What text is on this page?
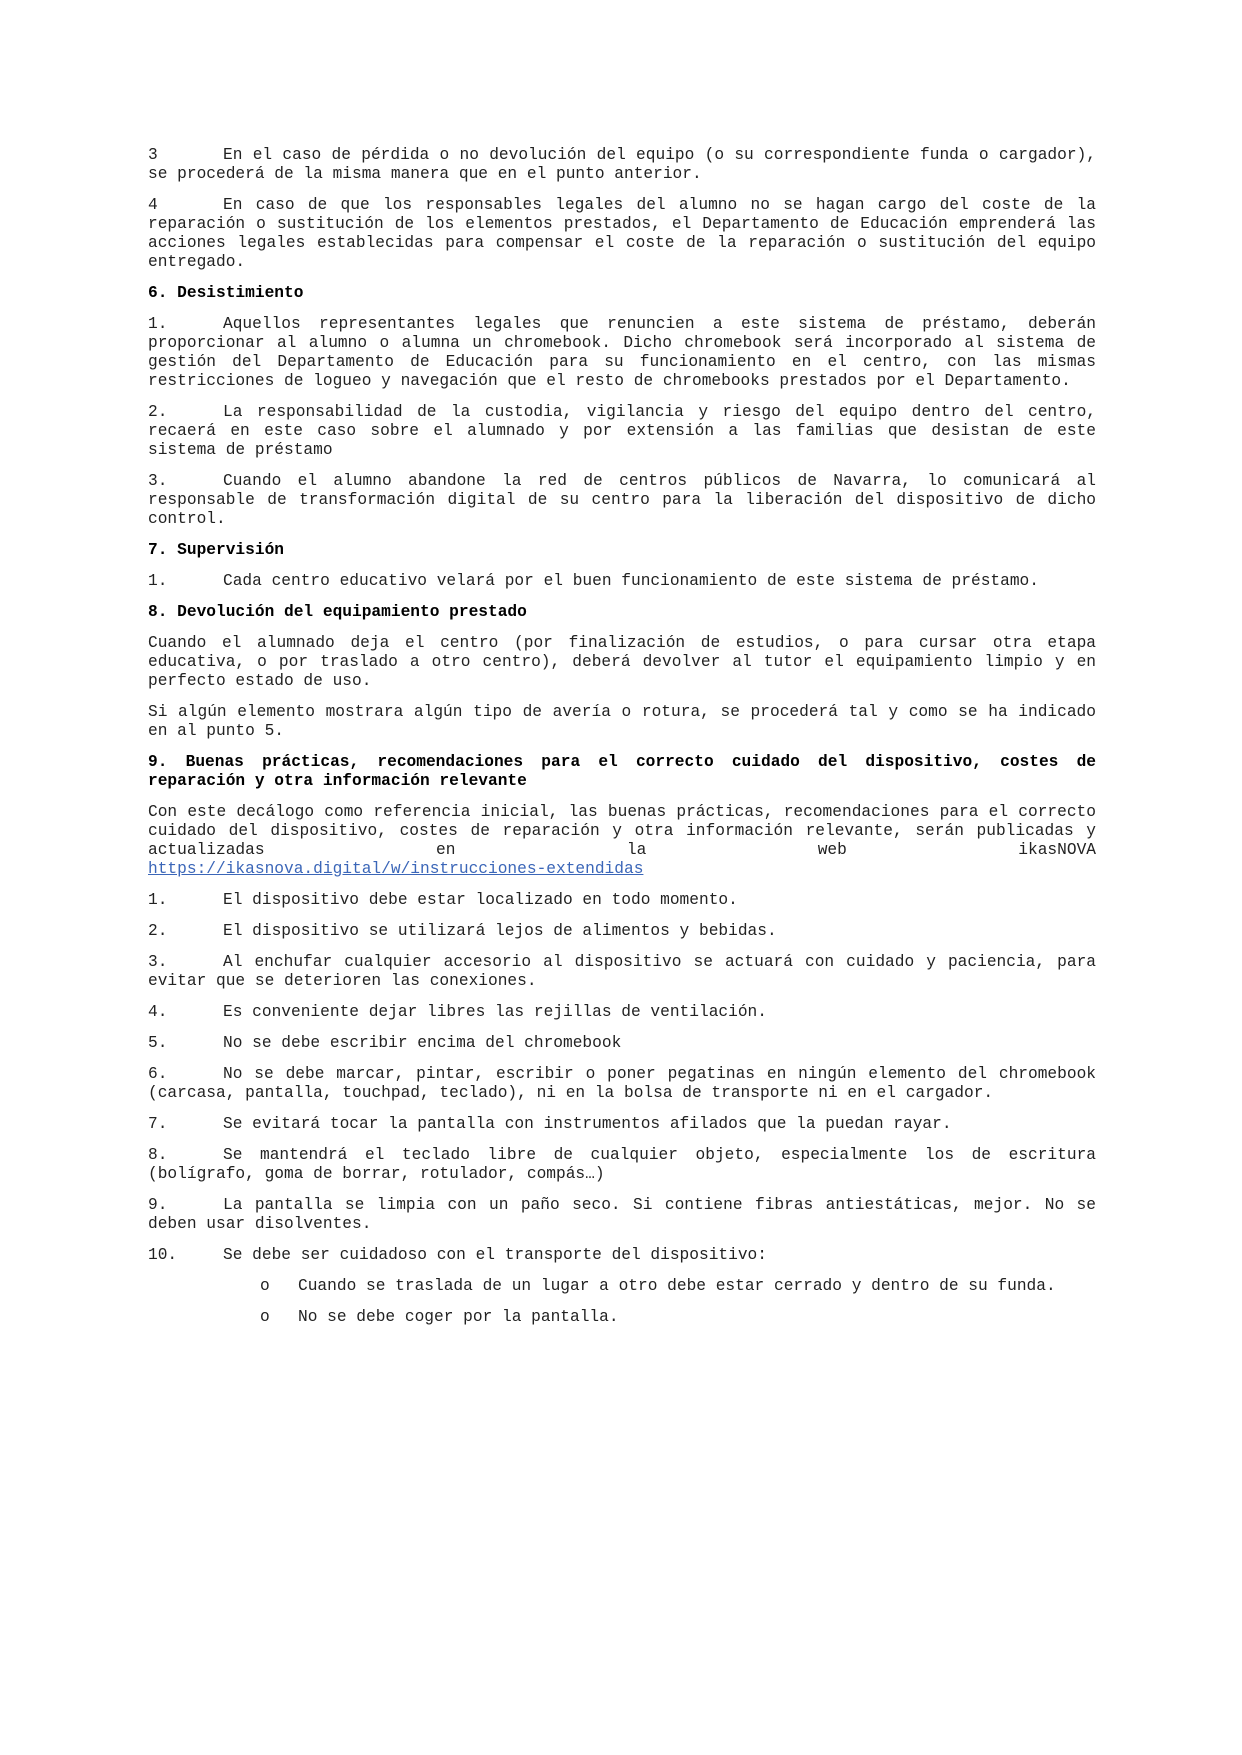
3	En el caso de pérdida o no devolución del equipo (o su correspondiente funda o cargador), se procederá de la misma manera que en el punto anterior.

4	En caso de que los responsables legales del alumno no se hagan cargo del coste de la reparación o sustitución de los elementos prestados, el Departamento de Educación emprenderá las acciones legales establecidas para compensar el coste de la reparación o sustitución del equipo entregado.

6. Desistimiento

1.	Aquellos representantes legales que renuncien a este sistema de préstamo, deberán proporcionar al alumno o alumna un chromebook. Dicho chromebook será incorporado al sistema de gestión del Departamento de Educación para su funcionamiento en el centro, con las mismas restricciones de logueo y navegación que el resto de chromebooks prestados por el Departamento.

2.	La responsabilidad de la custodia, vigilancia y riesgo del equipo dentro del centro, recaerá en este caso sobre el alumnado y por extensión a las familias que desistan de este sistema de préstamo

3.	Cuando el alumno abandone la red de centros públicos de Navarra, lo comunicará al responsable de transformación digital de su centro para la liberación del dispositivo de dicho control.

7. Supervisión

1.	Cada centro educativo velará por el buen funcionamiento de este sistema de préstamo.

8. Devolución del equipamiento prestado

Cuando el alumnado deja el centro (por finalización de estudios, o para cursar otra etapa educativa, o por traslado a otro centro), deberá devolver al tutor el equipamiento limpio y en perfecto estado de uso.

Si algún elemento mostrara algún tipo de avería o rotura, se procederá tal y como se ha indicado en al punto 5.

9. Buenas prácticas, recomendaciones para el correcto cuidado del dispositivo, costes de reparación y otra información relevante

Con este decálogo como referencia inicial, las buenas prácticas, recomendaciones para el correcto cuidado del dispositivo, costes de reparación y otra información relevante, serán publicadas y actualizadas en la web ikasNOVA
https://ikasnova.digital/w/instrucciones-extendidas

1.	El dispositivo debe estar localizado en todo momento.

2.	El dispositivo se utilizará lejos de alimentos y bebidas.

3.	Al enchufar cualquier accesorio al dispositivo se actuará con cuidado y paciencia, para evitar que se deterioren las conexiones.

4.	Es conveniente dejar libres las rejillas de ventilación.

5.	No se debe escribir encima del chromebook

6.	No se debe marcar, pintar, escribir o poner pegatinas en ningún elemento del chromebook (carcasa, pantalla, touchpad, teclado), ni en la bolsa de transporte ni en el cargador.

7.	Se evitará tocar la pantalla con instrumentos afilados que la puedan rayar.

8.	Se mantendrá el teclado libre de cualquier objeto, especialmente los de escritura (bolígrafo, goma de borrar, rotulador, compás…)

9.	La pantalla se limpia con un paño seco. Si contiene fibras antiestáticas, mejor. No se deben usar disolventes.

10.	Se debe ser cuidadoso con el transporte del dispositivo:

o	Cuando se traslada de un lugar a otro debe estar cerrado y dentro de su funda.
o	No se debe coger por la pantalla.
